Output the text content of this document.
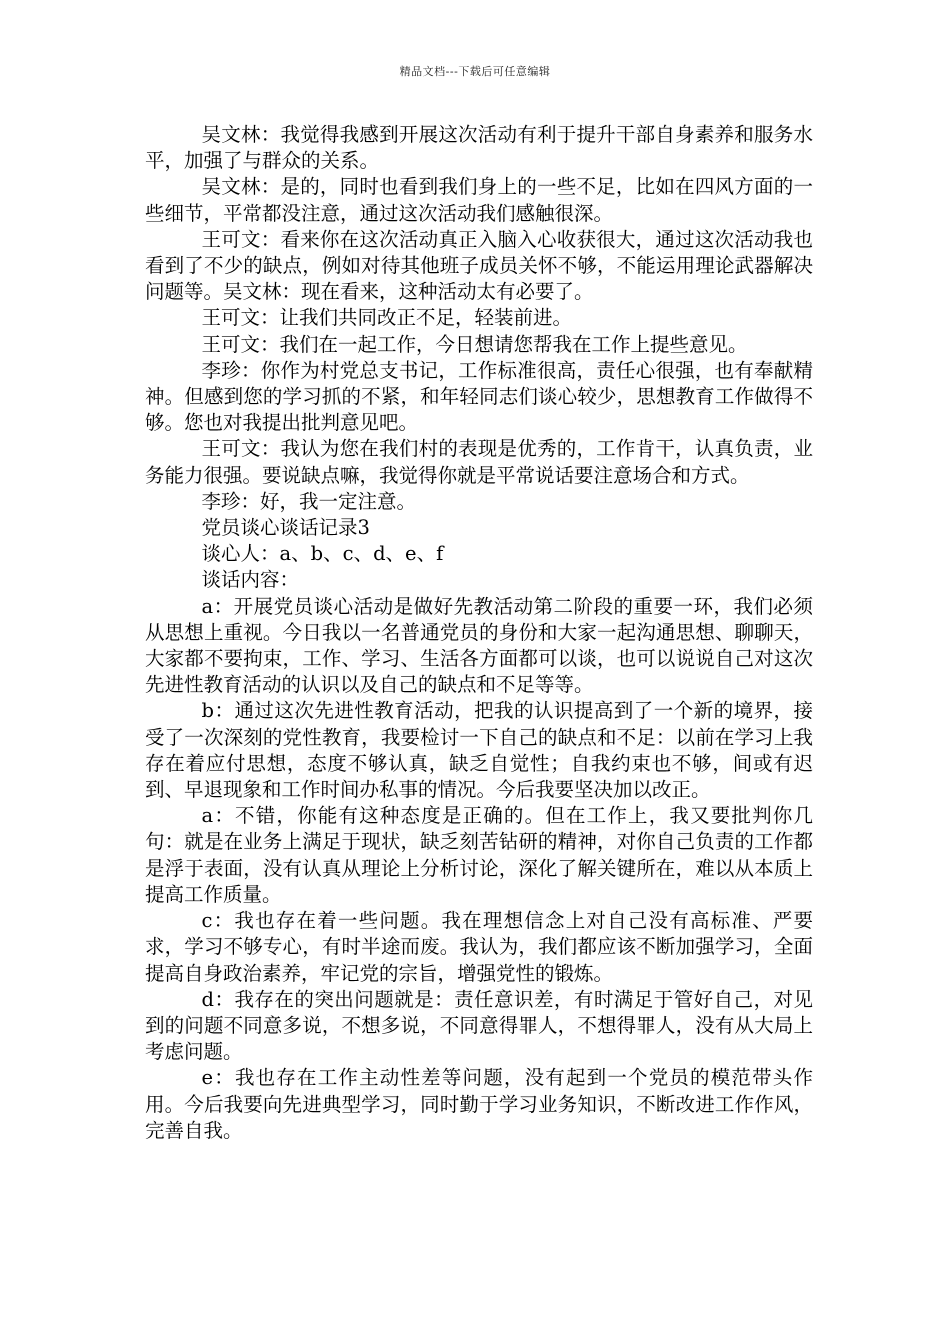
精品文档---下载后可任意编辑

吴文林：我觉得我感到开展这次活动有利于提升干部自身素养和服务水平，加强了与群众的关系。

吴文林：是的，同时也看到我们身上的一些不足，比如在四风方面的一些细节，平常都没注意，通过这次活动我们感触很深。

王可文：看来你在这次活动真正入脑入心收获很大，通过这次活动我也看到了不少的缺点，例如对待其他班子成员关怀不够，不能运用理论武器解决问题等。吴文林：现在看来，这种活动太有必要了。

王可文：让我们共同改正不足，轻装前进。

王可文：我们在一起工作，今日想请您帮我在工作上提些意见。

李珍：你作为村党总支书记，工作标准很高，责任心很强，也有奉献精神。但感到您的学习抓的不紧，和年轻同志们谈心较少，思想教育工作做得不够。您也对我提出批判意见吧。

王可文：我认为您在我们村的表现是优秀的，工作肯干，认真负责，业务能力很强。要说缺点嘛，我觉得你就是平常说话要注意场合和方式。

李珍：好，我一定注意。

党员谈心谈话记录3

谈心人：a、b、c、d、e、f

谈话内容：

a：开展党员谈心活动是做好先教活动第二阶段的重要一环，我们必须从思想上重视。今日我以一名普通党员的身份和大家一起沟通思想、聊聊天，大家都不要拘束，工作、学习、生活各方面都可以谈，也可以说说自己对这次先进性教育活动的认识以及自己的缺点和不足等等。

b：通过这次先进性教育活动，把我的认识提高到了一个新的境界，接受了一次深刻的党性教育，我要检讨一下自己的缺点和不足：以前在学习上我存在着应付思想，态度不够认真，缺乏自觉性；自我约束也不够，间或有迟到、早退现象和工作时间办私事的情况。今后我要坚决加以改正。

a：不错，你能有这种态度是正确的。但在工作上，我又要批判你几句：就是在业务上满足于现状，缺乏刻苦钻研的精神，对你自己负责的工作都是浮于表面，没有认真从理论上分析讨论，深化了解关键所在，难以从本质上提高工作质量。

c：我也存在着一些问题。我在理想信念上对自己没有高标准、严要求，学习不够专心，有时半途而废。我认为，我们都应该不断加强学习，全面提高自身政治素养，牢记党的宗旨，增强党性的锻炼。

d：我存在的突出问题就是：责任意识差，有时满足于管好自己，对见到的问题不同意多说，不想多说，不同意得罪人，不想得罪人，没有从大局上考虑问题。

e：我也存在工作主动性差等问题，没有起到一个党员的模范带头作用。今后我要向先进典型学习，同时勤于学习业务知识，不断改进工作作风，完善自我。
